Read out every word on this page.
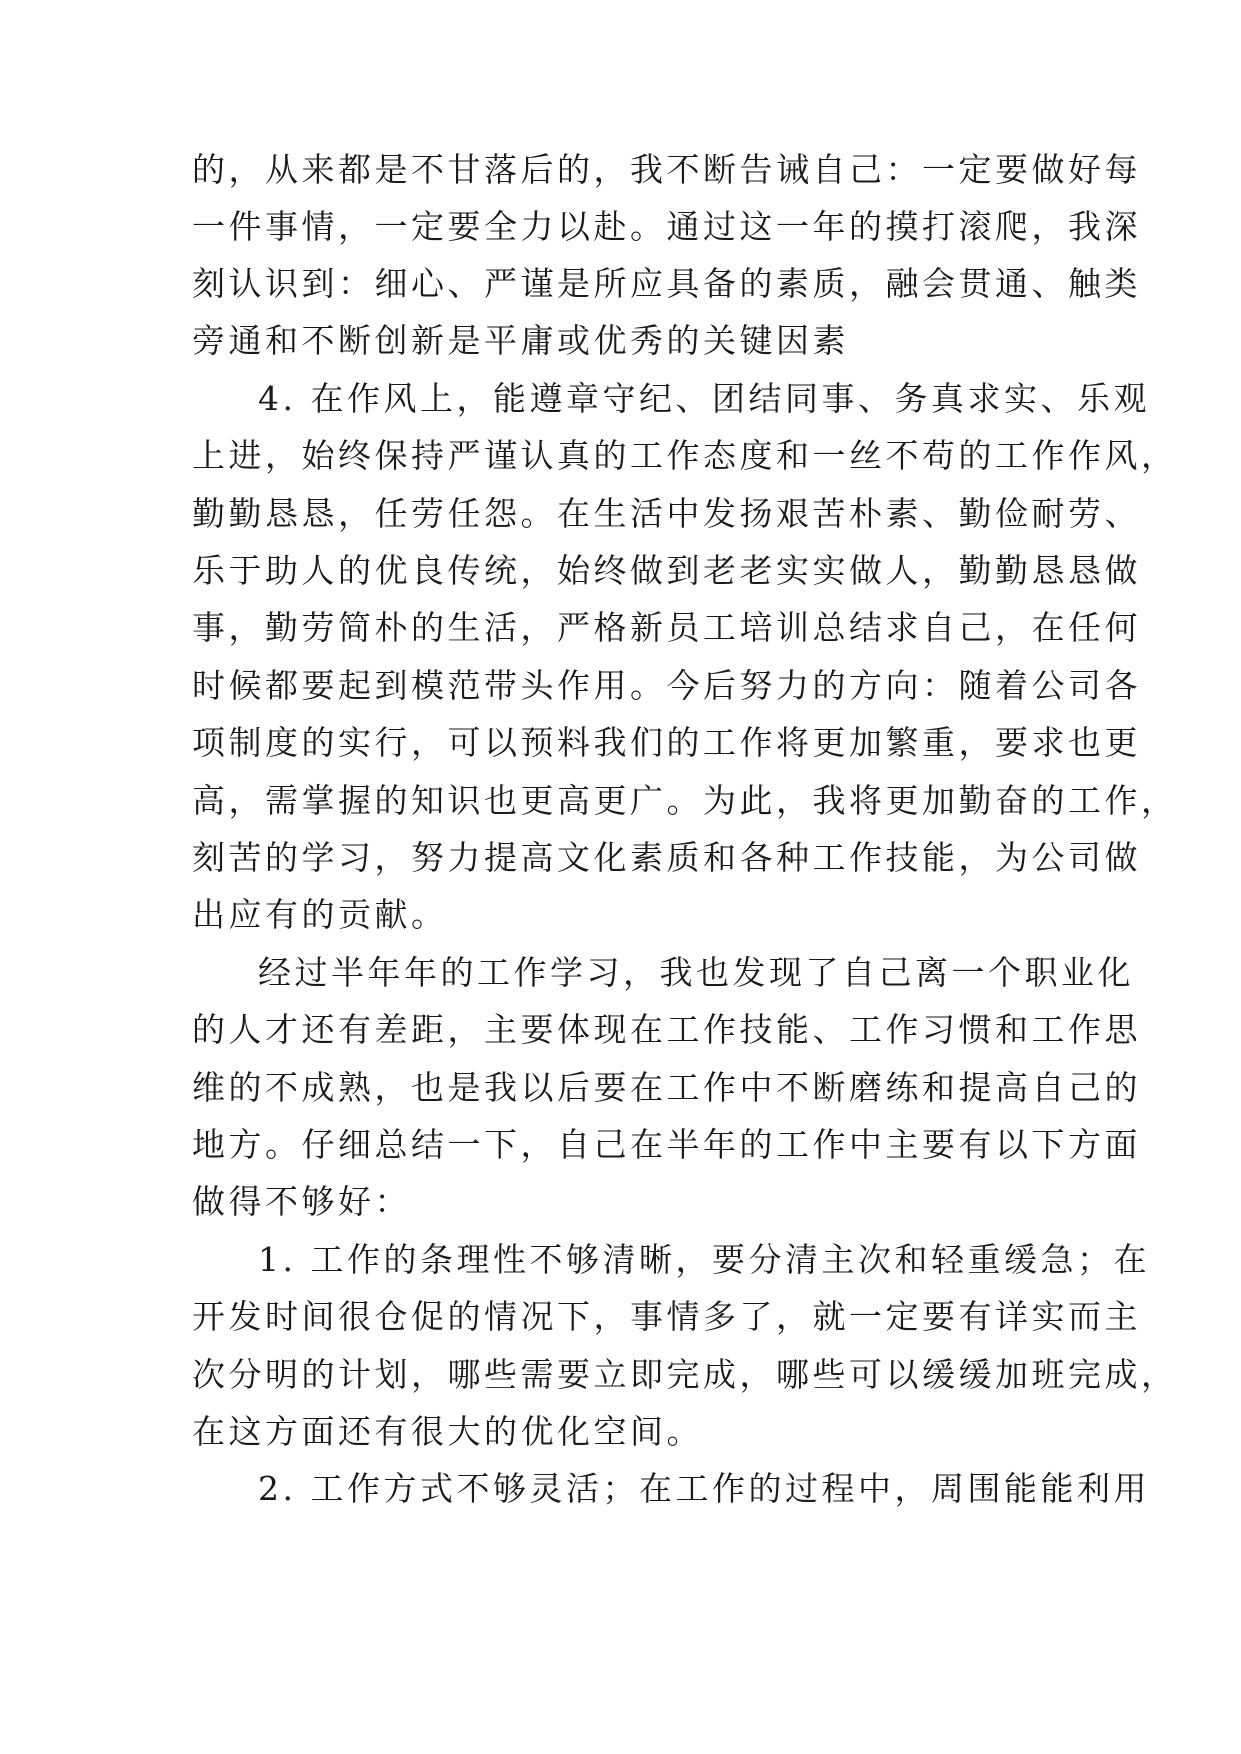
的，从来都是不甘落后的，我不断告诫自己：一定要做好每
一件事情，一定要全力以赴。通过这一年的摸打滚爬，我深
刻认识到：细心、严谨是所应具备的素质，融会贯通、触类
旁通和不断创新是平庸或优秀的关键因素
4. 在作风上，能遵章守纪、团结同事、务真求实、乐观
上进，始终保持严谨认真的工作态度和一丝不苟的工作作风，
勤勤恳恳，任劳任怨。在生活中发扬艰苦朴素、勤俭耐劳、
乐于助人的优良传统，始终做到老老实实做人，勤勤恳恳做
事，勤劳简朴的生活，严格新员工培训总结求自己，在任何
时候都要起到模范带头作用。今后努力的方向：随着公司各
项制度的实行，可以预料我们的工作将更加繁重，要求也更
高，需掌握的知识也更高更广。为此，我将更加勤奋的工作，
刻苦的学习，努力提高文化素质和各种工作技能，为公司做
出应有的贡献。
经过半年年的工作学习，我也发现了自己离一个职业化
的人才还有差距，主要体现在工作技能、工作习惯和工作思
维的不成熟，也是我以后要在工作中不断磨练和提高自己的
地方。仔细总结一下，自己在半年的工作中主要有以下方面
做得不够好：
1. 工作的条理性不够清晰，要分清主次和轻重缓急；在
开发时间很仓促的情况下，事情多了，就一定要有详实而主
次分明的计划，哪些需要立即完成，哪些可以缓缓加班完成，
在这方面还有很大的优化空间。
2. 工作方式不够灵活；在工作的过程中，周围能能利用
